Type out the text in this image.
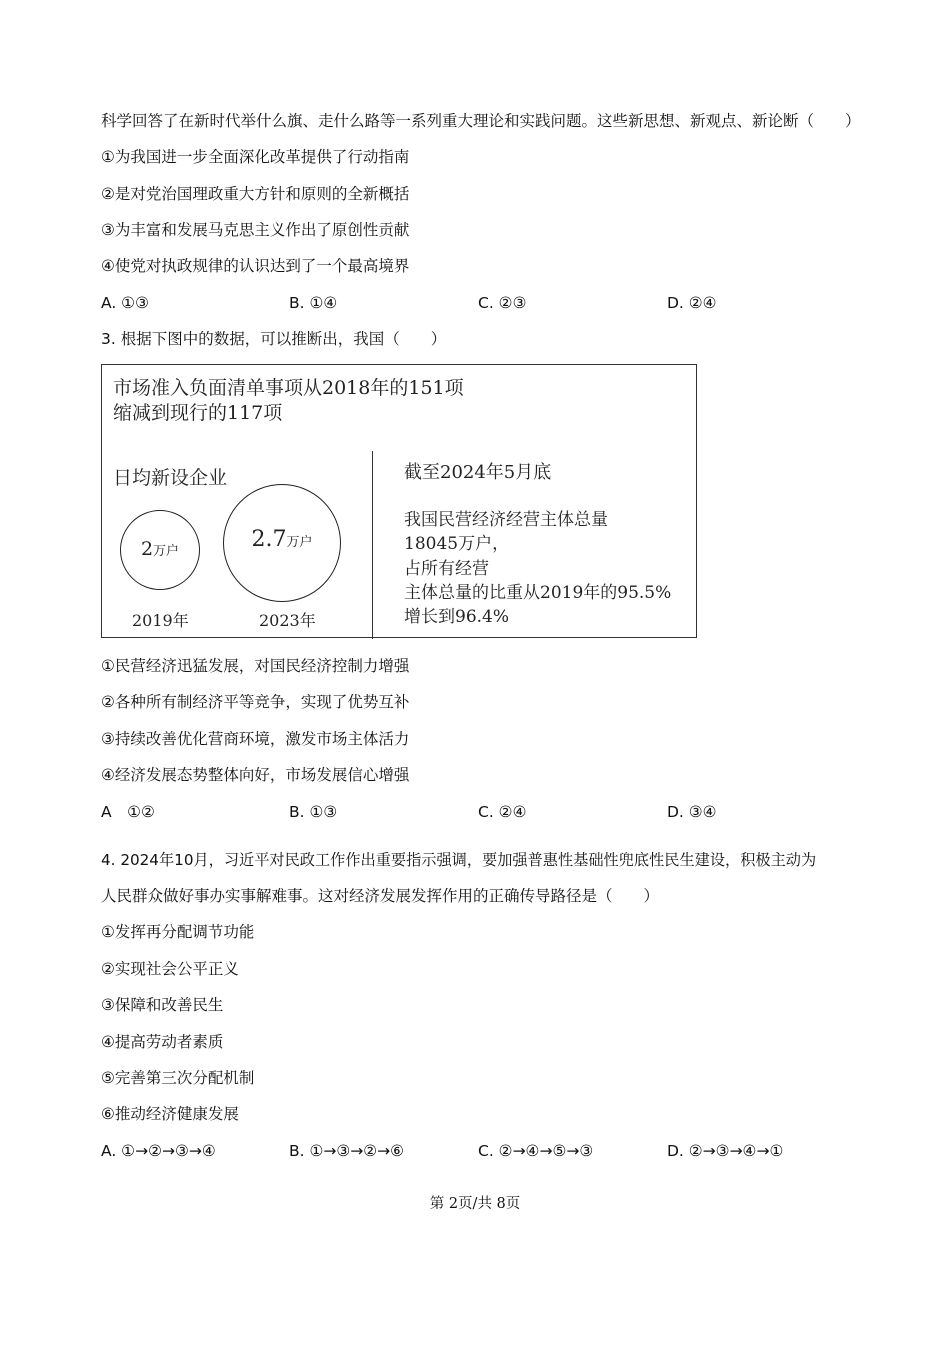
科学回答了在新时代举什么旗、走什么路等一系列重大理论和实践问题。这些新思想、新观点、新论断（　　）
①为我国进一步全面深化改革提供了行动指南
②是对党治国理政重大方针和原则的全新概括
③为丰富和发展马克思主义作出了原创性贡献
④使党对执政规律的认识达到了一个最高境界
A. ①③	B. ①④	C. ②③	D. ②④
3. 根据下图中的数据，可以推断出，我国（　　）
市场准入负面清单事项从2018年的151项
缩减到现行的117项
日均新设企业
2万户	2.7万户
2019年	2023年
截至2024年5月底
我国民营经济经营主体总量
18045万户，
占所有经营
主体总量的比重从2019年的95.5%
增长到96.4%
①民营经济迅猛发展，对国民经济控制力增强
②各种所有制经济平等竞争，实现了优势互补
③持续改善优化营商环境，激发市场主体活力
④经济发展态势整体向好，市场发展信心增强
A　①②	B. ①③	C. ②④	D. ③④
4. 2024年10月，习近平对民政工作作出重要指示强调，要加强普惠性基础性兜底性民生建设，积极主动为
人民群众做好事办实事解难事。这对经济发展发挥作用的正确传导路径是（　　）
①发挥再分配调节功能
②实现社会公平正义
③保障和改善民生
④提高劳动者素质
⑤完善第三次分配机制
⑥推动经济健康发展
A. ①→②→③→④	B. ①→③→②→⑥	C. ②→④→⑤→③	D. ②→③→④→①
第 2页/共 8页
